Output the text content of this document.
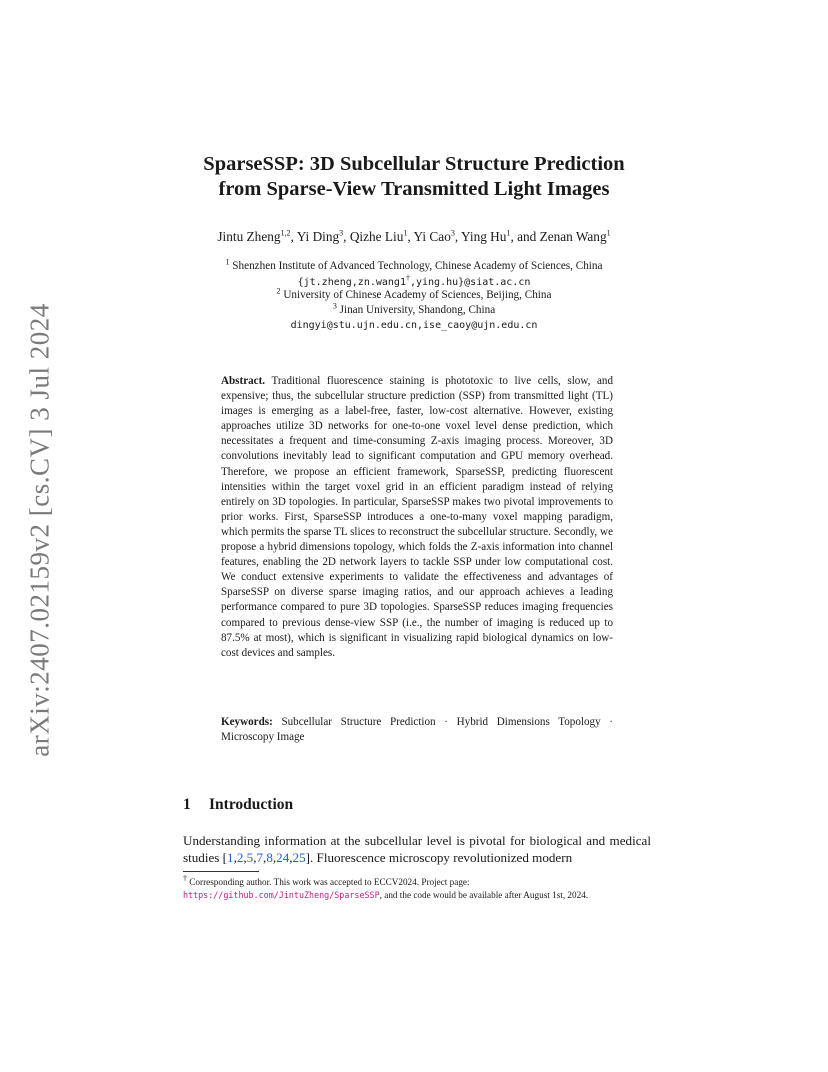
arXiv:2407.02159v2 [cs.CV] 3 Jul 2024
SparseSSP: 3D Subcellular Structure Prediction
from Sparse-View Transmitted Light Images
Jintu Zheng$^{1,2}$, Yi Ding$^3$, Qizhe Liu$^1$, Yi Cao$^3$, Ying Hu$^1$, and Zenan Wang$^1$
$^1$ Shenzhen Institute of Advanced Technology, Chinese Academy of Sciences, China
{jt.zheng,zn.wang1†,ying.hu}@siat.ac.cn
$^2$ University of Chinese Academy of Sciences, Beijing, China
$^3$ Jinan University, Shandong, China
dingyi@stu.ujn.edu.cn,ise_caoy@ujn.edu.cn
Abstract. Traditional fluorescence staining is phototoxic to live cells, slow, and expensive; thus, the subcellular structure prediction (SSP) from transmitted light (TL) images is emerging as a label-free, faster, low-cost alternative. However, existing approaches utilize 3D networks for one-to-one voxel level dense prediction, which necessitates a frequent and time-consuming Z-axis imaging process. Moreover, 3D convolutions inevitably lead to significant computation and GPU memory overhead. Therefore, we propose an efficient framework, SparseSSP, predicting fluorescent intensities within the target voxel grid in an efficient paradigm instead of relying entirely on 3D topologies. In particular, SparseSSP makes two pivotal improvements to prior works. First, SparseSSP introduces a one-to-many voxel mapping paradigm, which permits the sparse TL slices to reconstruct the subcellular structure. Secondly, we propose a hybrid dimensions topology, which folds the Z-axis information into channel features, enabling the 2D network layers to tackle SSP under low computational cost. We conduct extensive experiments to validate the effectiveness and advantages of SparseSSP on diverse sparse imaging ratios, and our approach achieves a leading performance compared to pure 3D topologies. SparseSSP reduces imaging frequencies compared to previous dense-view SSP (i.e., the number of imaging is reduced up to 87.5% at most), which is significant in visualizing rapid biological dynamics on low-cost devices and samples.
Keywords: Subcellular Structure Prediction · Hybrid Dimensions Topology · Microscopy Image
1 Introduction
Understanding information at the subcellular level is pivotal for biological and medical studies [1,2,5,7,8,24,25]. Fluorescence microscopy revolutionized modern
† Corresponding author. This work was accepted to ECCV2024. Project page: https://github.com/JintuZheng/SparseSSP, and the code would be available after August 1st, 2024.
